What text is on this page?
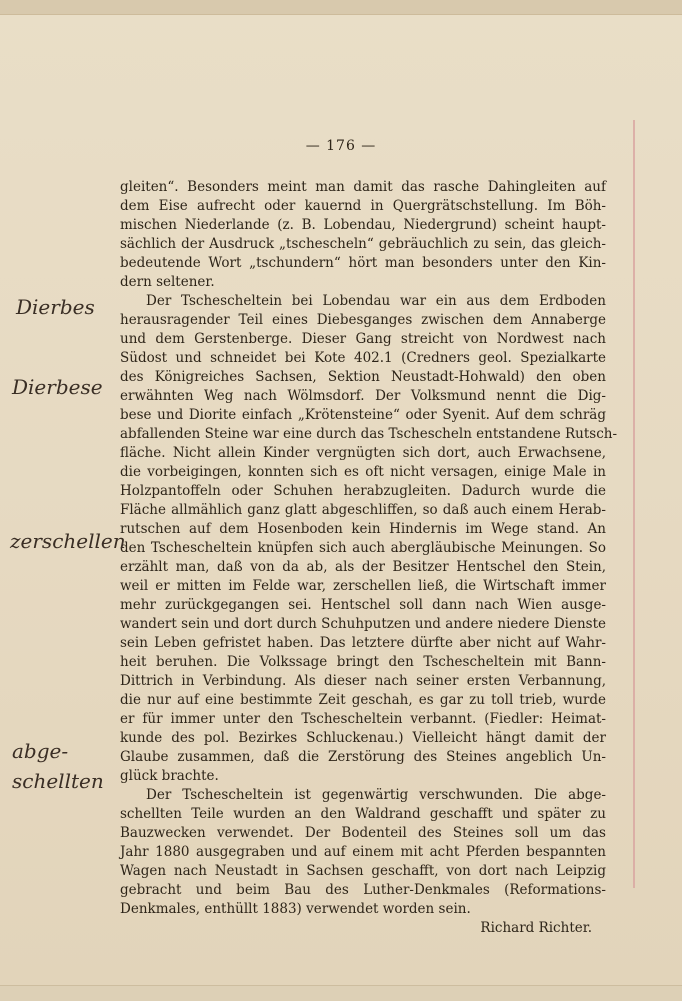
— 176 —
gleiten“. Besonders meint man damit das rasche Dahingleiten auf
dem Eise aufrecht oder kauernd in Quergrätschstellung. Im Böh-
mischen Niederlande (z. B. Lobendau, Niedergrund) scheint haupt-
sächlich der Ausdruck „tschescheln“ gebräuchlich zu sein, das gleich-
bedeutende Wort „tschundern“ hört man besonders unter den Kin-
dern seltener.
Der Tschescheltein bei Lobendau war ein aus dem Erdboden
herausragender Teil eines Diebesganges zwischen dem Annaberge
und dem Gerstenberge. Dieser Gang streicht von Nordwest nach
Südost und schneidet bei Kote 402.1 (Credners geol. Spezialkarte
des Königreiches Sachsen, Sektion Neustadt-Hohwald) den oben
erwähnten Weg nach Wölmsdorf. Der Volksmund nennt die Dig-
bese und Diorite einfach „Krötensteine“ oder Syenit. Auf dem schräg
abfallenden Steine war eine durch das Tschescheln entstandene Rutsch-
fläche. Nicht allein Kinder vergnügten sich dort, auch Erwachsene,
die vorbeigingen, konnten sich es oft nicht versagen, einige Male in
Holzpantoffeln oder Schuhen herabzugleiten. Dadurch wurde die
Fläche allmählich ganz glatt abgeschliffen, so daß auch einem Herab-
rutschen auf dem Hosenboden kein Hindernis im Wege stand. An
den Tschescheltein knüpfen sich auch abergläubische Meinungen. So
erzählt man, daß von da ab, als der Besitzer Hentschel den Stein,
weil er mitten im Felde war, zerschellen ließ, die Wirtschaft immer
mehr zurückgegangen sei. Hentschel soll dann nach Wien ausge-
wandert sein und dort durch Schuhputzen und andere niedere Dienste
sein Leben gefristet haben. Das letztere dürfte aber nicht auf Wahr-
heit beruhen. Die Volkssage bringt den Tschescheltein mit Bann-
Dittrich in Verbindung. Als dieser nach seiner ersten Verbannung,
die nur auf eine bestimmte Zeit geschah, es gar zu toll trieb, wurde
er für immer unter den Tschescheltein verbannt. (Fiedler: Heimat-
kunde des pol. Bezirkes Schluckenau.) Vielleicht hängt damit der
Glaube zusammen, daß die Zerstörung des Steines angeblich Un-
glück brachte.
Der Tschescheltein ist gegenwärtig verschwunden. Die abge-
schellten Teile wurden an den Waldrand geschafft und später zu
Bauzwecken verwendet. Der Bodenteil des Steines soll um das
Jahr 1880 ausgegraben und auf einem mit acht Pferden bespannten
Wagen nach Neustadt in Sachsen geschafft, von dort nach Leipzig
gebracht und beim Bau des Luther-Denkmales (Reformations-
Denkmales, enthüllt 1883) verwendet worden sein.
Richard Richter.
Dierbes
Dierbese
zerschellen
abge-
schellten
